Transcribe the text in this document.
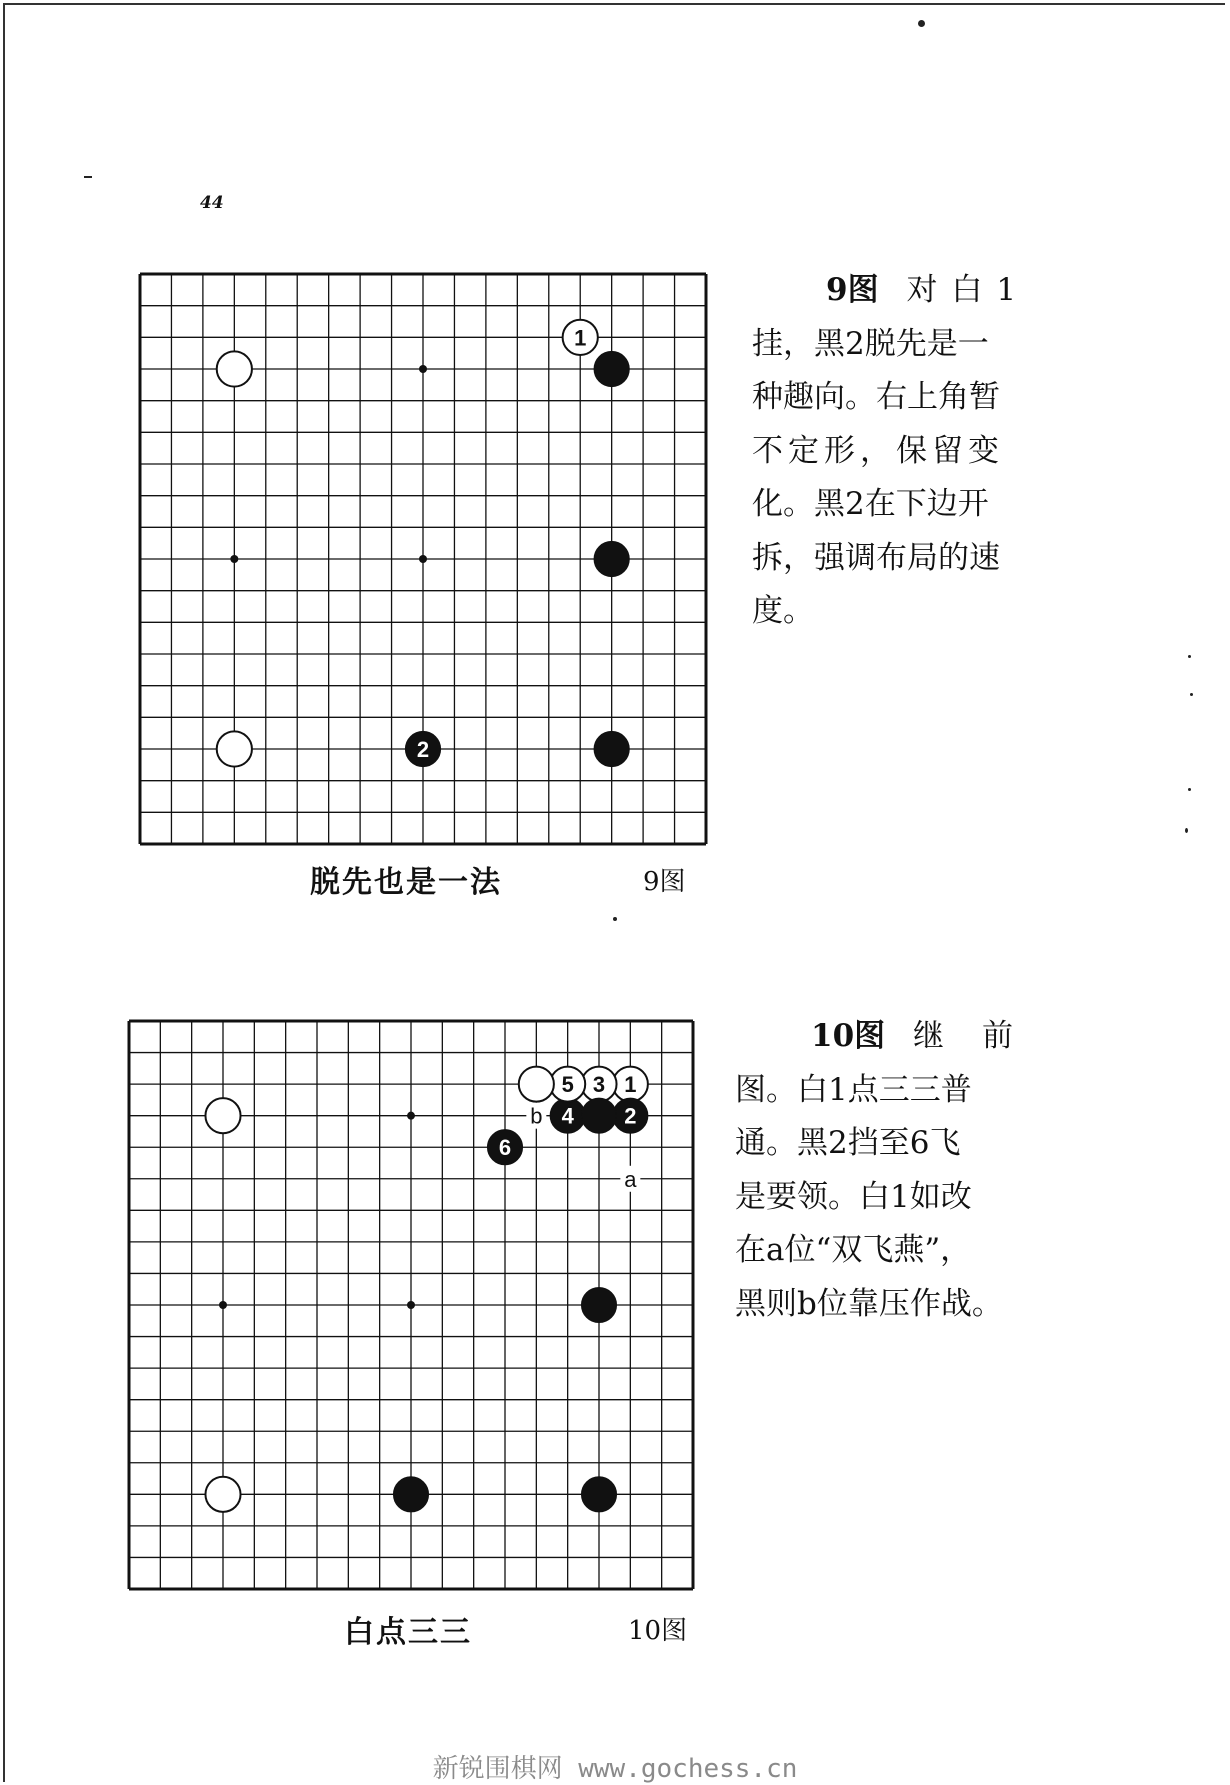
44
1
2
脱先也是一法	9图
9图 对白1
挂，黑2脱先是一
种趣向。右上角暂
不定形，保留变
化。黑2在下边开
拆，强调布局的速
度。
b
a
1
2
3
4
5
6
白点三三	10图
10图 继前
图。白1点三三普
通。黑2挡至6飞
是要领。白1如改
在a位“双飞燕”，
黑则b位靠压作战。
新锐围棋网 www.gochess.cn
